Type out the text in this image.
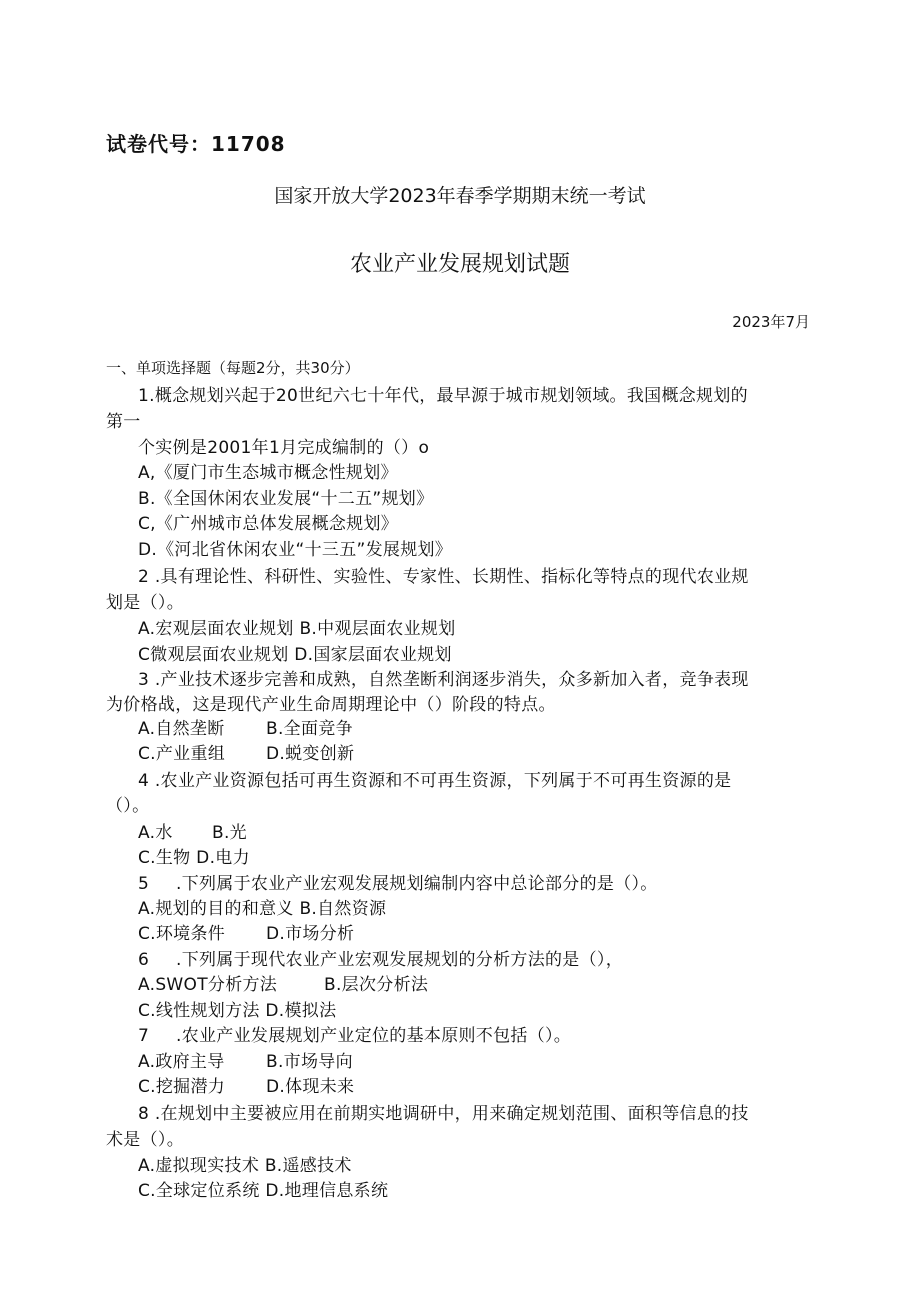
试卷代号：11708
国家开放大学2023年春季学期期末统一考试
农业产业发展规划试题
2023年7月
一、单项选择题（每题2分，共30分）
1.概念规划兴起于20世纪六七十年代，最早源于城市规划领域。我国概念规划的
第一
个实例是2001年1月完成编制的（）o
A,《厦门市生态城市概念性规划》
B.《全国休闲农业发展“十二五”规划》
C,《广州城市总体发展概念规划》
D.《河北省休闲农业“十三五”发展规划》
2 .具有理论性、科研性、实验性、专家性、长期性、指标化等特点的现代农业规
划是（）。
A.宏观层面农业规划 B.中观层面农业规划
C微观层面农业规划 D.国家层面农业规划
3 .产业技术逐步完善和成熟，自然垄断利润逐步消失，众多新加入者，竞争表现
为价格战，这是现代产业生命周期理论中（）阶段的特点。
A.自然垄断 B.全面竞争
C.产业重组 D.蜕变创新
4 .农业产业资源包括可再生资源和不可再生资源，下列属于不可再生资源的是
（）。
A.水 B.光
C.生物 D.电力
5 .下列属于农业产业宏观发展规划编制内容中总论部分的是（）。
A.规划的目的和意义 B.自然资源
C.环境条件 D.市场分析
6 .下列属于现代农业产业宏观发展规划的分析方法的是（），
A.SWOT分析方法	B.层次分析法
C.线性规划方法 D.模拟法
7 .农业产业发展规划产业定位的基本原则不包括（）。
A.政府主导 B.市场导向
C.挖掘潜力 D.体现未来
8 .在规划中主要被应用在前期实地调研中，用来确定规划范围、面积等信息的技
术是（）。
A.虚拟现实技术 B.遥感技术
C.全球定位系统 D.地理信息系统
